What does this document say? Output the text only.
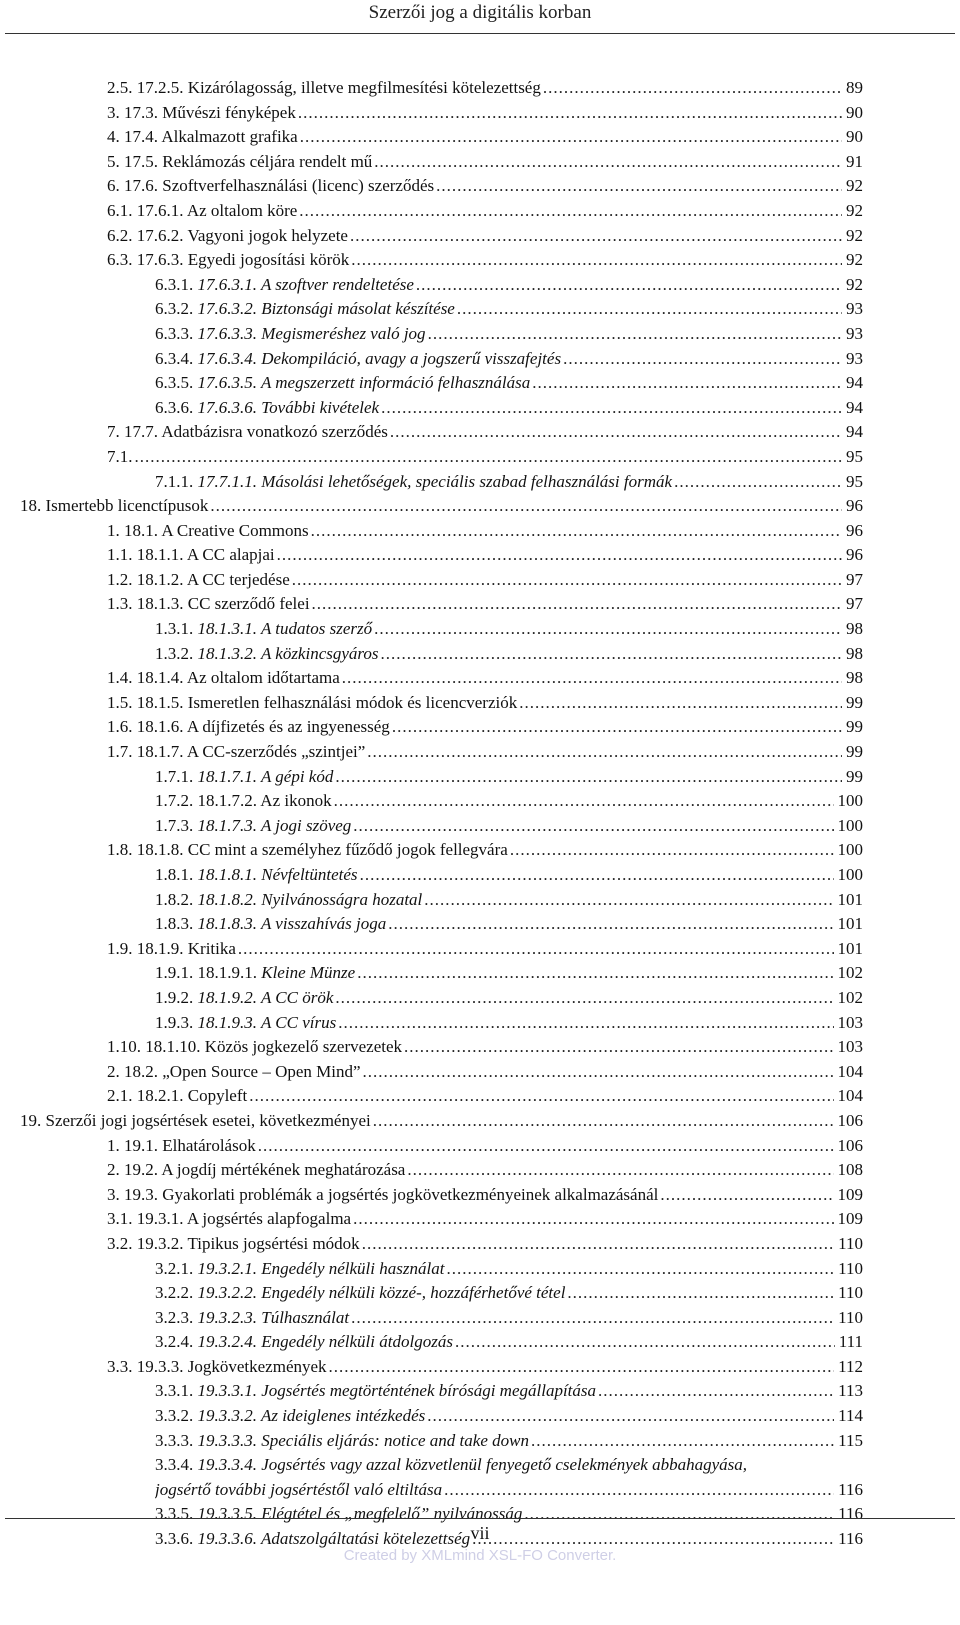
Szerzői jog a digitális korban
2.5. 17.2.5. Kizárólagosság, illetve megfilmesítési kötelezettség .....	89
3. 17.3. Művészi fényképek .....	90
4. 17.4. Alkalmazott grafika .....	90
5. 17.5. Reklámozás céljára rendelt mű .....	91
6. 17.6. Szoftverfelhasználási (licenc) szerződés .....	92
6.1. 17.6.1. Az oltalom köre .....	92
6.2. 17.6.2. Vagyoni jogok helyzete .....	92
6.3. 17.6.3. Egyedi jogosítási körök .....	92
6.3.1. 17.6.3.1. A szoftver rendeltetése .....	92
6.3.2. 17.6.3.2. Biztonsági másolat készítése .....	93
6.3.3. 17.6.3.3. Megismeréshez való jog .....	93
6.3.4. 17.6.3.4. Dekompiláció, avagy a jogszerű visszafejtés .....	93
6.3.5. 17.6.3.5. A megszerzett információ felhasználása .....	94
6.3.6. 17.6.3.6. További kivételek .....	94
7. 17.7. Adatbázisra vonatkozó szerződés .....	94
7.1. .....	95
7.1.1. 17.7.1.1. Másolási lehetőségek, speciális szabad felhasználási formák .....	95
18. Ismertebb licenctípusok .....	96
1. 18.1. A Creative Commons .....	96
1.1. 18.1.1. A CC alapjai .....	96
1.2. 18.1.2. A CC terjedése .....	97
1.3. 18.1.3. CC szerződő felei .....	97
1.3.1. 18.1.3.1. A tudatos szerző .....	98
1.3.2. 18.1.3.2. A közkincsgyáros .....	98
1.4. 18.1.4. Az oltalom időtartama .....	98
1.5. 18.1.5. Ismeretlen felhasználási módok és licencverziók .....	99
1.6. 18.1.6. A díjfizetés és az ingyenesség .....	99
1.7. 18.1.7. A CC-szerződés „szintjei” .....	99
1.7.1. 18.1.7.1. A gépi kód .....	99
1.7.2. 18.1.7.2. Az ikonok .....	100
1.7.3. 18.1.7.3. A jogi szöveg .....	100
1.8. 18.1.8. CC mint a személyhez fűződő jogok fellegvára .....	100
1.8.1. 18.1.8.1. Névfeltüntetés .....	100
1.8.2. 18.1.8.2. Nyilvánosságra hozatal .....	101
1.8.3. 18.1.8.3. A visszahívás joga .....	101
1.9. 18.1.9. Kritika .....	101
1.9.1. 18.1.9.1. Kleine Münze .....	102
1.9.2. 18.1.9.2. A CC örök .....	102
1.9.3. 18.1.9.3. A CC vírus .....	103
1.10. 18.1.10. Közös jogkezelő szervezetek .....	103
2. 18.2. „Open Source – Open Mind” .....	104
2.1. 18.2.1. Copyleft .....	104
19. Szerzői jogi jogsértések esetei, következményei .....	106
1. 19.1. Elhatárolások .....	106
2. 19.2. A jogdíj mértékének meghatározása .....	108
3. 19.3. Gyakorlati problémák a jogsértés jogkövetkezményeinek alkalmazásánál .....	109
3.1. 19.3.1. A jogsértés alapfogalma .....	109
3.2. 19.3.2. Tipikus jogsértési módok .....	110
3.2.1. 19.3.2.1. Engedély nélküli használat .....	110
3.2.2. 19.3.2.2. Engedély nélküli közzé-, hozzáférhetővé tétel .....	110
3.2.3. 19.3.2.3. Túlhasználat .....	110
3.2.4. 19.3.2.4. Engedély nélküli átdolgozás .....	111
3.3. 19.3.3. Jogkövetkezmények .....	112
3.3.1. 19.3.3.1. Jogsértés megtörténtének bírósági megállapítása .....	113
3.3.2. 19.3.3.2. Az ideiglenes intézkedés .....	114
3.3.3. 19.3.3.3. Speciális eljárás: notice and take down .....	115
3.3.4. 19.3.3.4. Jogsértés vagy azzal közvetlenül fenyegető cselekmények abbahagyása,
jogsértő további jogsértéstől való eltiltása .....	116
3.3.5. 19.3.3.5. Elégtétel és „megfelelő” nyilvánosság .....	116
3.3.6. 19.3.3.6. Adatszolgáltatási kötelezettség .....	116
vii
Created by XMLmind XSL-FO Converter.
